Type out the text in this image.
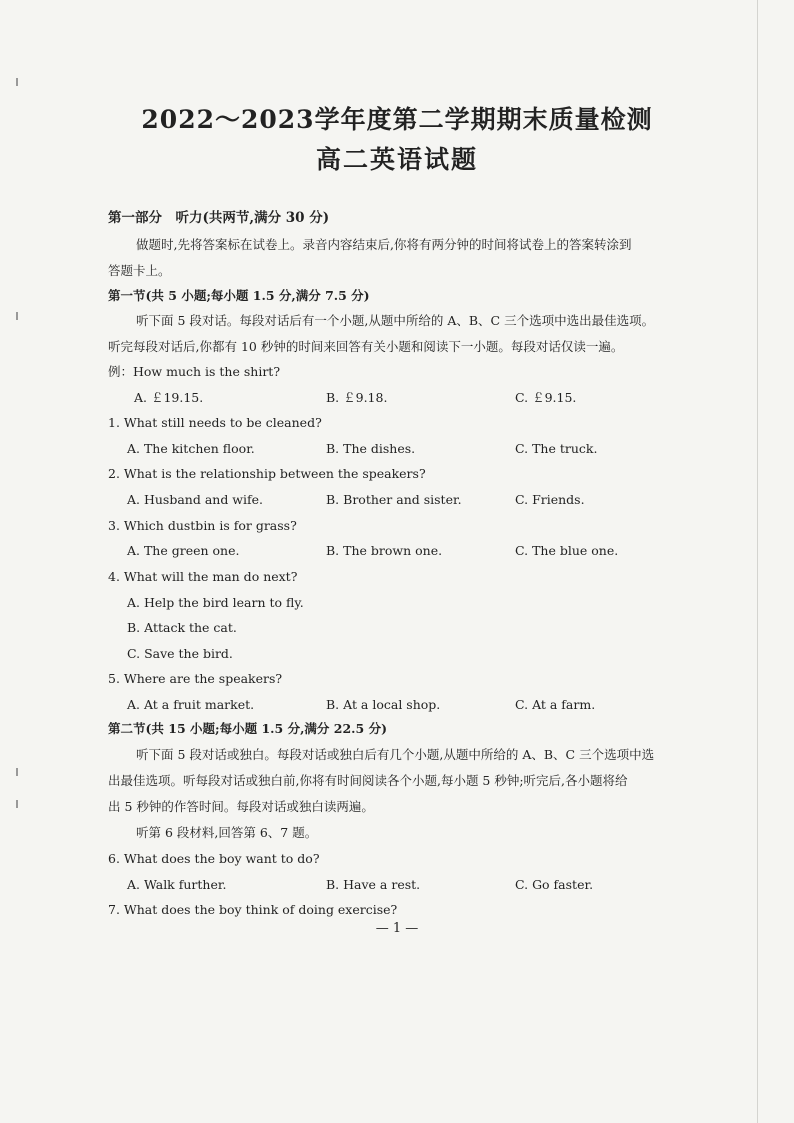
2022～2023学年度第二学期期末质量检测
高二英语试题
第一部分　听力(共两节,满分 30 分)
做题时,先将答案标在试卷上。录音内容结束后,你将有两分钟的时间将试卷上的答案转涂到
答题卡上。
第一节(共 5 小题;每小题 1.5 分,满分 7.5 分)
听下面 5 段对话。每段对话后有一个小题,从题中所给的 A、B、C 三个选项中选出最佳选项。
听完每段对话后,你都有 10 秒钟的时间来回答有关小题和阅读下一小题。每段对话仅读一遍。
例：How much is the shirt?
A. ￡19.15.	B. ￡9.18.	C. ￡9.15.
1. What still needs to be cleaned?
A. The kitchen floor.	B. The dishes.	C. The truck.
2. What is the relationship between the speakers?
A. Husband and wife.	B. Brother and sister.	C. Friends.
3. Which dustbin is for grass?
A. The green one.	B. The brown one.	C. The blue one.
4. What will the man do next?
A. Help the bird learn to fly.
B. Attack the cat.
C. Save the bird.
5. Where are the speakers?
A. At a fruit market.	B. At a local shop.	C. At a farm.
第二节(共 15 小题;每小题 1.5 分,满分 22.5 分)
听下面 5 段对话或独白。每段对话或独白后有几个小题,从题中所给的 A、B、C 三个选项中选
出最佳选项。听每段对话或独白前,你将有时间阅读各个小题,每小题 5 秒钟;听完后,各小题将给
出 5 秒钟的作答时间。每段对话或独白读两遍。
听第 6 段材料,回答第 6、7 题。
6. What does the boy want to do?
A. Walk further.	B. Have a rest.	C. Go faster.
7. What does the boy think of doing exercise?
— 1 —
